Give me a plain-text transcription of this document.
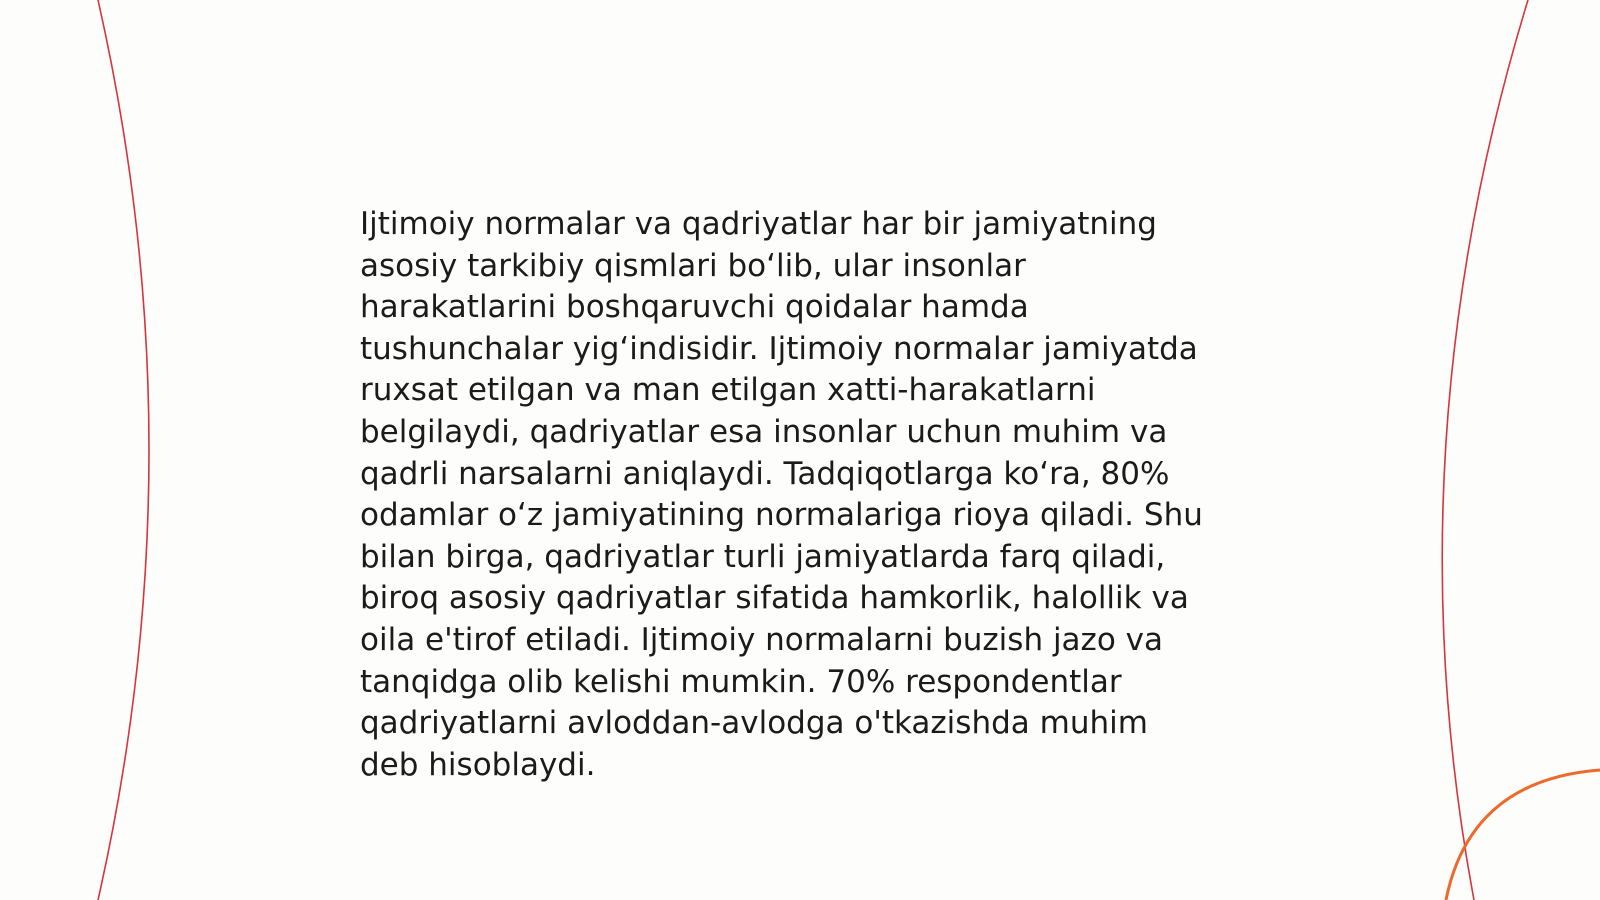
Ijtimoiy normalar va qadriyatlar har bir jamiyatning
asosiy tarkibiy qismlari bo‘lib, ular insonlar
harakatlarini boshqaruvchi qoidalar hamda
tushunchalar yig‘indisidir. Ijtimoiy normalar jamiyatda
ruxsat etilgan va man etilgan xatti-harakatlarni
belgilaydi, qadriyatlar esa insonlar uchun muhim va
qadrli narsalarni aniqlaydi. Tadqiqotlarga ko‘ra, 80%
odamlar o‘z jamiyatining normalariga rioya qiladi. Shu
bilan birga, qadriyatlar turli jamiyatlarda farq qiladi,
biroq asosiy qadriyatlar sifatida hamkorlik, halollik va
oila e'tirof etiladi. Ijtimoiy normalarni buzish jazo va
tanqidga olib kelishi mumkin. 70% respondentlar
qadriyatlarni avloddan-avlodga o'tkazishda muhim
deb hisoblaydi.
